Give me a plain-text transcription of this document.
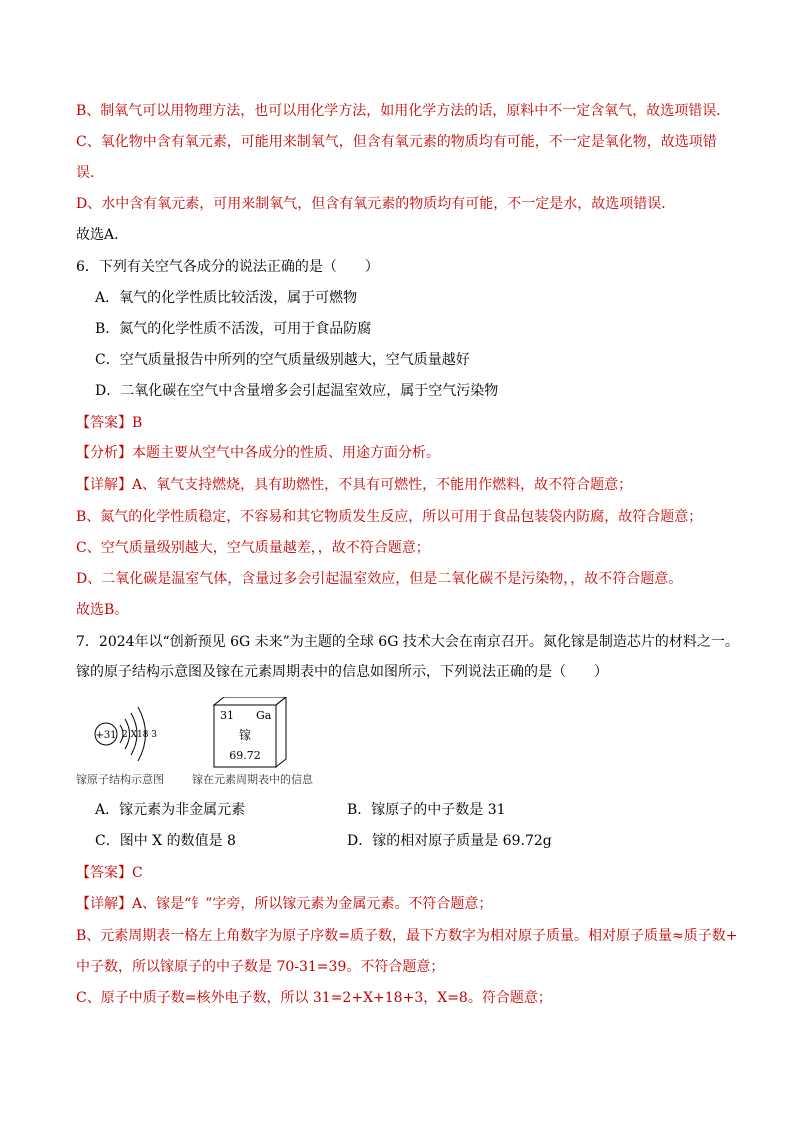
B、制氧气可以用物理方法，也可以用化学方法，如用化学方法的话，原料中不一定含氧气，故选项错误．
C、氧化物中含有氧元素，可能用来制氧气，但含有氧元素的物质均有可能，不一定是氧化物，故选项错
误．
D、水中含有氧元素，可用来制氧气，但含有氧元素的物质均有可能，不一定是水，故选项错误．
故选A．
6．下列有关空气各成分的说法正确的是（　　）
A．氧气的化学性质比较活泼，属于可燃物
B．氮气的化学性质不活泼，可用于食品防腐
C．空气质量报告中所列的空气质量级别越大，空气质量越好
D．二氧化碳在空气中含量增多会引起温室效应，属于空气污染物
【答案】B
【分析】本题主要从空气中各成分的性质、用途方面分析。
【详解】A、氧气支持燃烧，具有助燃性，不具有可燃性，不能用作燃料，故不符合题意；
B、氮气的化学性质稳定，不容易和其它物质发生反应，所以可用于食品包装袋内防腐，故符合题意；
C、空气质量级别越大，空气质量越差，，故不符合题意；
D、二氧化碳是温室气体，含量过多会引起温室效应，但是二氧化碳不是污染物，，故不符合题意。
故选B。
7．2024年以“创新预见 6G 未来”为主题的全球 6G 技术大会在南京召开。氮化镓是制造芯片的材料之一。
镓的原子结构示意图及镓在元素周期表中的信息如图所示，下列说法正确的是（　　）
+31 2 X18 3
31 Ga
镓
69.72
镓原子结构示意图	镓在元素周期表中的信息
A．镓元素为非金属元素	B．镓原子的中子数是 31
C．图中 X 的数值是 8	D．镓的相对原子质量是 69.72g
【答案】C
【详解】A、镓是“钅”字旁，所以镓元素为金属元素。不符合题意；
B、元素周期表一格左上角数字为原子序数=质子数，最下方数字为相对原子质量。相对原子质量≈质子数+
中子数，所以镓原子的中子数是 70-31=39。不符合题意；
C、原子中质子数=核外电子数，所以 31=2+X+18+3，X=8。符合题意；
